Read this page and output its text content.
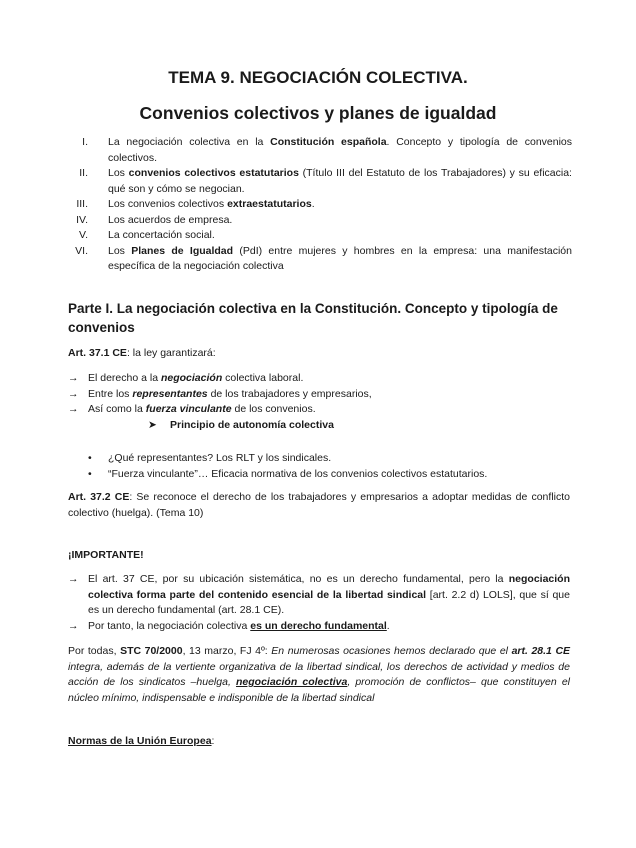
TEMA 9. NEGOCIACIÓN COLECTIVA.
Convenios colectivos y planes de igualdad
I.	La negociación colectiva en la Constitución española. Concepto y tipología de convenios colectivos.
II.	Los convenios colectivos estatutarios (Título III del Estatuto de los Trabajadores) y su eficacia: qué son y cómo se negocian.
III.	Los convenios colectivos extraestatutarios.
IV.	Los acuerdos de empresa.
V.	La concertación social.
VI.	Los Planes de Igualdad (PdI) entre mujeres y hombres en la empresa: una manifestación específica de la negociación colectiva
Parte I. La negociación colectiva en la Constitución. Concepto y tipología de convenios
Art. 37.1 CE: la ley garantizará:
→ El derecho a la negociación colectiva laboral.
→ Entre los representantes de los trabajadores y empresarios,
→ Así como la fuerza vinculante de los convenios.
➤ Principio de autonomía colectiva
•	¿Qué representantes? Los RLT y los sindicales.
•	“Fuerza vinculante”… Eficacia normativa de los convenios colectivos estatutarios.
Art. 37.2 CE: Se reconoce el derecho de los trabajadores y empresarios a adoptar medidas de conflicto colectivo (huelga). (Tema 10)
¡IMPORTANTE!
→ El art. 37 CE, por su ubicación sistemática, no es un derecho fundamental, pero la negociación colectiva forma parte del contenido esencial de la libertad sindical [art. 2.2 d) LOLS], que sí que es un derecho fundamental (art. 28.1 CE).
→ Por tanto, la negociación colectiva es un derecho fundamental.
Por todas, STC 70/2000, 13 marzo, FJ 4º: En numerosas ocasiones hemos declarado que el art. 28.1 CE integra, además de la vertiente organizativa de la libertad sindical, los derechos de actividad y medios de acción de los sindicatos –huelga, negociación colectiva, promoción de conflictos– que constituyen el núcleo mínimo, indispensable e indisponible de la libertad sindical
Normas de la Unión Europea:
